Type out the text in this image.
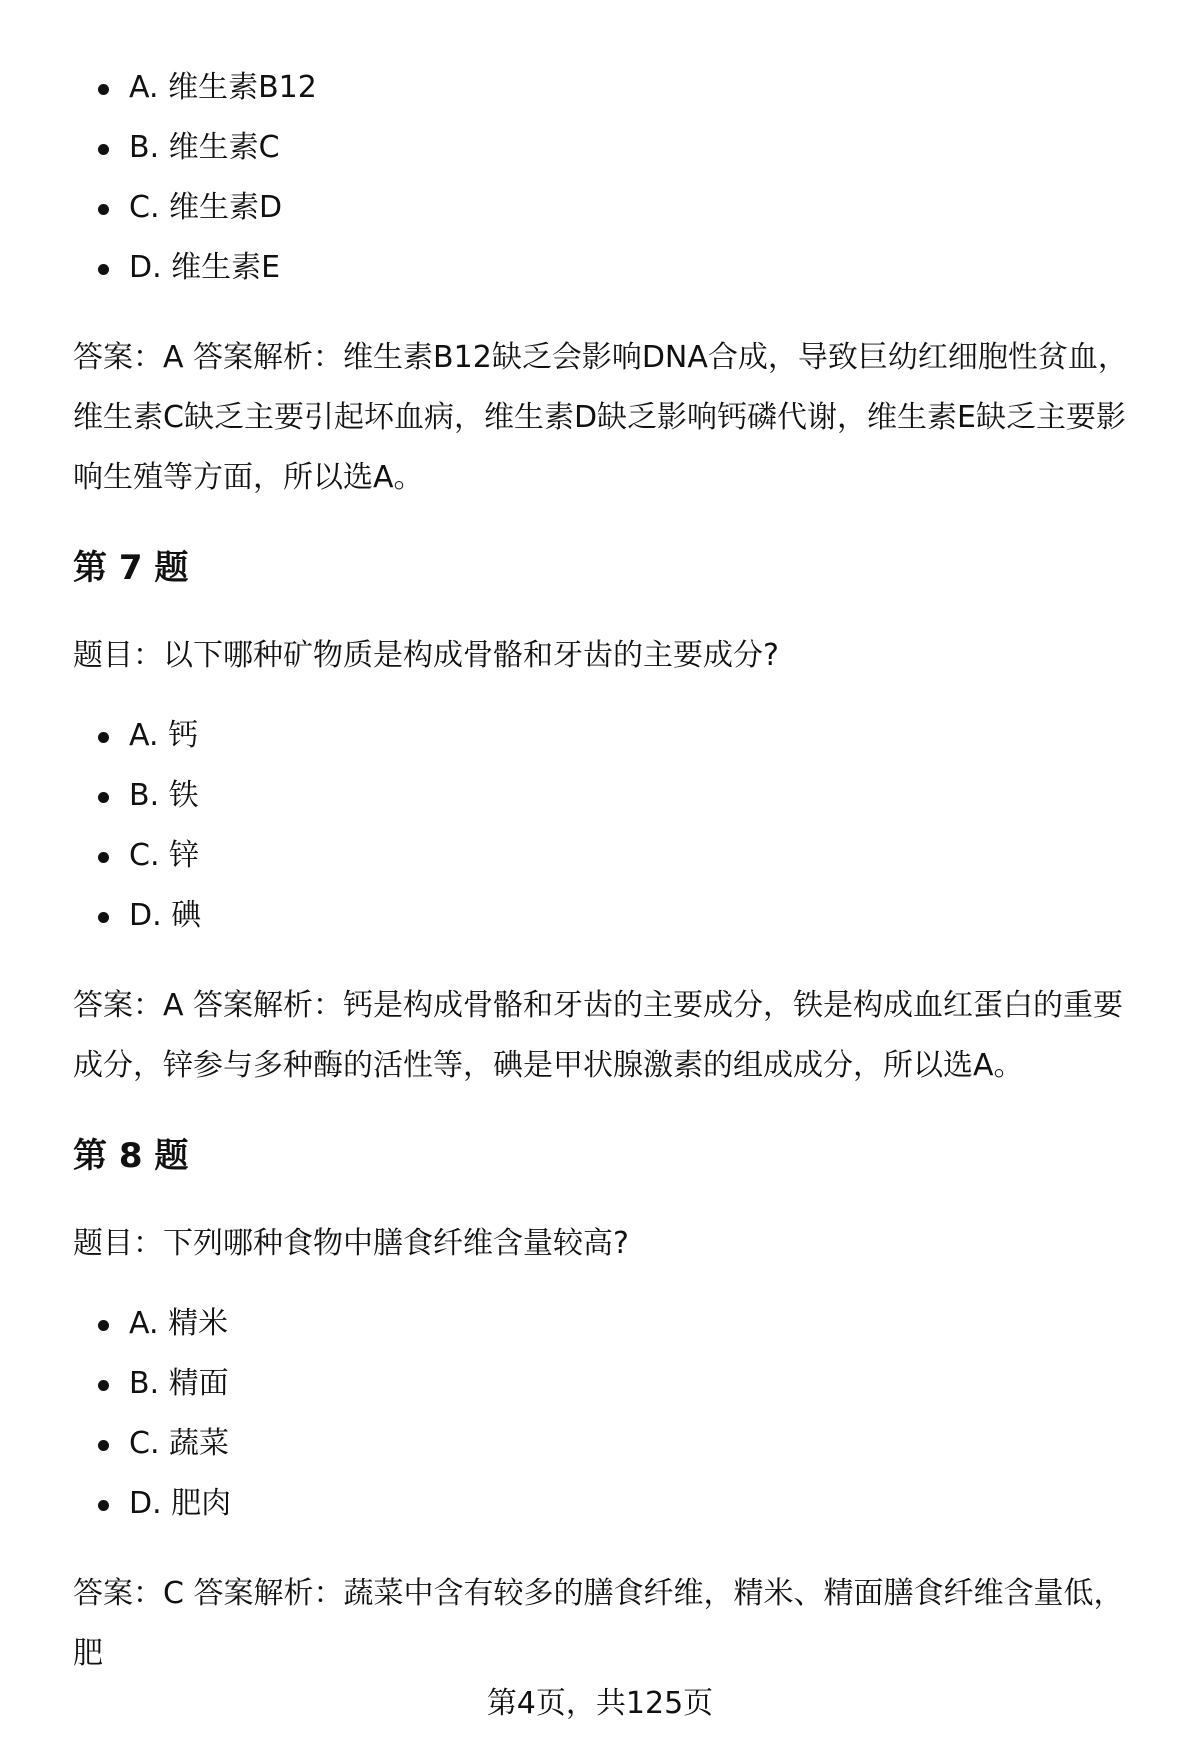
A. 维生素B12
B. 维生素C
C. 维生素D
D. 维生素E

答案：A 答案解析：维生素B12缺乏会影响DNA合成，导致巨幼红细胞性贫血，维生素C缺乏主要引起坏血病，维生素D缺乏影响钙磷代谢，维生素E缺乏主要影响生殖等方面，所以选A。

第 7 题

题目：以下哪种矿物质是构成骨骼和牙齿的主要成分?

A. 钙
B. 铁
C. 锌
D. 碘

答案：A 答案解析：钙是构成骨骼和牙齿的主要成分，铁是构成血红蛋白的重要成分，锌参与多种酶的活性等，碘是甲状腺激素的组成成分，所以选A。

第 8 题

题目：下列哪种食物中膳食纤维含量较高?

A. 精米
B. 精面
C. 蔬菜
D. 肥肉

答案：C 答案解析：蔬菜中含有较多的膳食纤维，精米、精面膳食纤维含量低，肥

第4页，共125页
